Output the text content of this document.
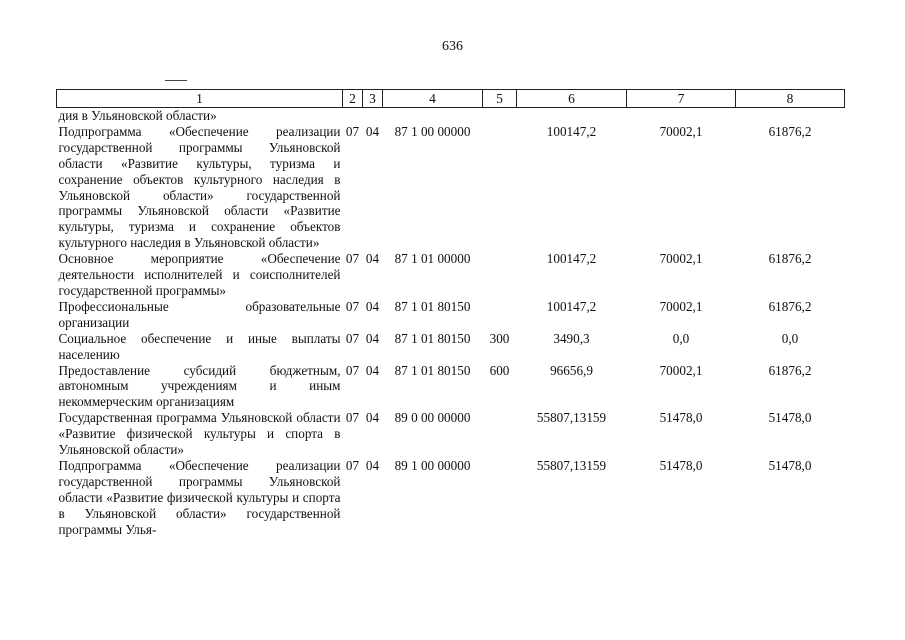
636
1	2	3	4	5	6	7	8
дия в Ульяновской области»							
Подпрограмма «Обеспечение реализации государственной программы Ульяновской области «Развитие культуры, туризма и сохранение объектов культурного наследия в Ульяновской области» государственной программы Ульяновской области «Развитие культуры, туризма и сохранение объектов культурного наследия в Ульяновской области»	07	04	87 1 00 00000		100147,2	70002,1	61876,2
Основное мероприятие «Обеспечение деятельности исполнителей и соисполнителей государственной программы»	07	04	87 1 01 00000		100147,2	70002,1	61876,2
Профессиональные образовательные организации	07	04	87 1 01 80150		100147,2	70002,1	61876,2
Социальное обеспечение и иные выплаты населению	07	04	87 1 01 80150	300	3490,3	0,0	0,0
Предоставление субсидий бюджетным, автономным учреждениям и иным некоммерческим организациям	07	04	87 1 01 80150	600	96656,9	70002,1	61876,2
Государственная программа Ульяновской области «Развитие физической культуры и спорта в Ульяновской области»	07	04	89 0 00 00000		55807,13159	51478,0	51478,0
Подпрограмма «Обеспечение реализации государственной программы Ульяновской области «Развитие физической культуры и спорта в Ульяновской области» государственной программы Улья-	07	04	89 1 00 00000		55807,13159	51478,0	51478,0
